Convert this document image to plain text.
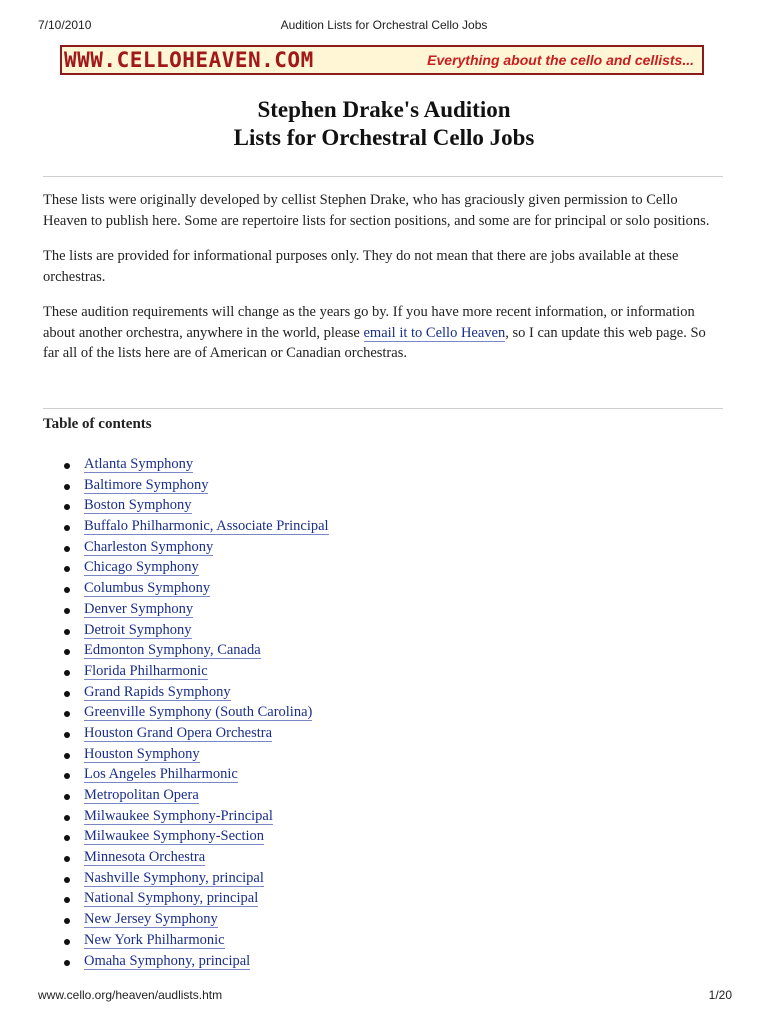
7/10/2010	Audition Lists for Orchestral Cello Jobs
WWW.CELLOHEAVEN.COM	Everything about the cello and cellists...
Stephen Drake's Audition
Lists for Orchestral Cello Jobs

These lists were originally developed by cellist Stephen Drake, who has graciously given permission to Cello Heaven to publish here. Some are repertoire lists for section positions, and some are for principal or solo positions.

The lists are provided for informational purposes only. They do not mean that there are jobs available at these orchestras.

These audition requirements will change as the years go by. If you have more recent information, or information about another orchestra, anywhere in the world, please email it to Cello Heaven, so I can update this web page. So far all of the lists here are of American or Canadian orchestras.

Table of contents
Atlanta Symphony
Baltimore Symphony
Boston Symphony
Buffalo Philharmonic, Associate Principal
Charleston Symphony
Chicago Symphony
Columbus Symphony
Denver Symphony
Detroit Symphony
Edmonton Symphony, Canada
Florida Philharmonic
Grand Rapids Symphony
Greenville Symphony (South Carolina)
Houston Grand Opera Orchestra
Houston Symphony
Los Angeles Philharmonic
Metropolitan Opera
Milwaukee Symphony-Principal
Milwaukee Symphony-Section
Minnesota Orchestra
Nashville Symphony, principal
National Symphony, principal
New Jersey Symphony
New York Philharmonic
Omaha Symphony, principal
www.cello.org/heaven/audlists.htm	1/20
